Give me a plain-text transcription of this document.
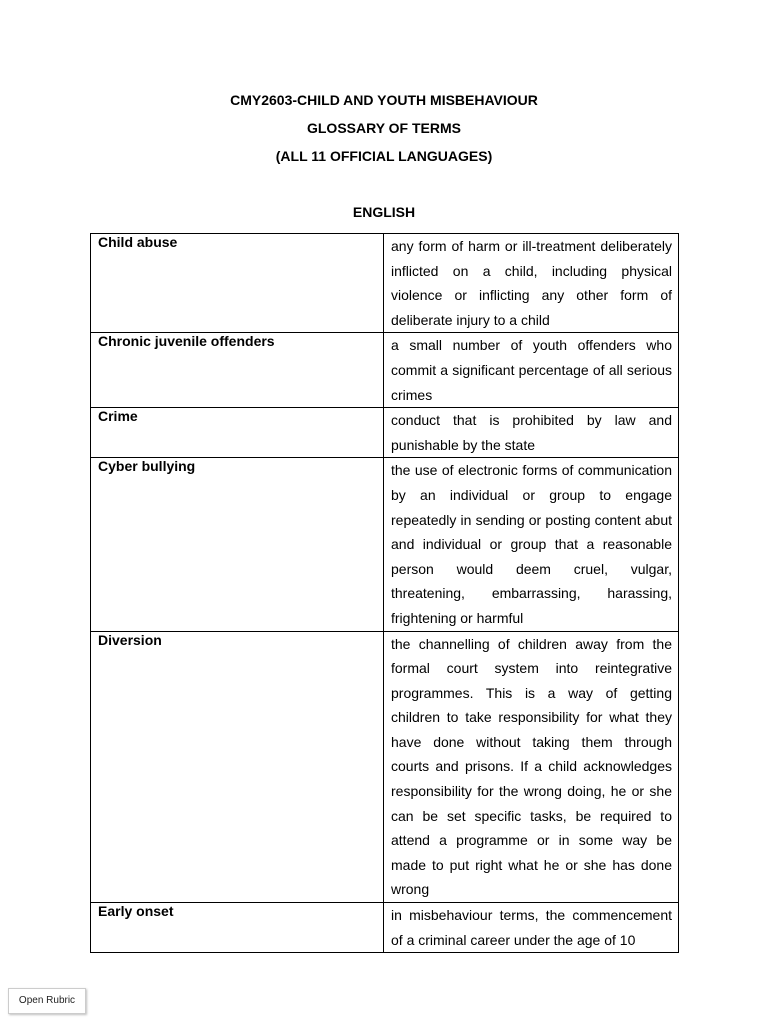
CMY2603-CHILD AND YOUTH MISBEHAVIOUR
GLOSSARY OF TERMS
(ALL 11 OFFICIAL LANGUAGES)
ENGLISH
Child abuse	any form of harm or ill-treatment deliberately inflicted on a child, including physical violence or inflicting any other form of deliberate injury to a child
Chronic juvenile offenders	a small number of youth offenders who commit a significant percentage of all serious crimes
Crime	conduct that is prohibited by law and punishable by the state
Cyber bullying	the use of electronic forms of communication by an individual or group to engage repeatedly in sending or posting content abut and individual or group that a reasonable person would deem cruel, vulgar, threatening, embarrassing, harassing, frightening or harmful
Diversion	the channelling of children away from the formal court system into reintegrative programmes. This is a way of getting children to take responsibility for what they have done without taking them through courts and prisons. If a child acknowledges responsibility for the wrong doing, he or she can be set specific tasks, be required to attend a programme or in some way be made to put right what he or she has done wrong
Early onset	in misbehaviour terms, the commencement of a criminal career under the age of 10
Open Rubric
